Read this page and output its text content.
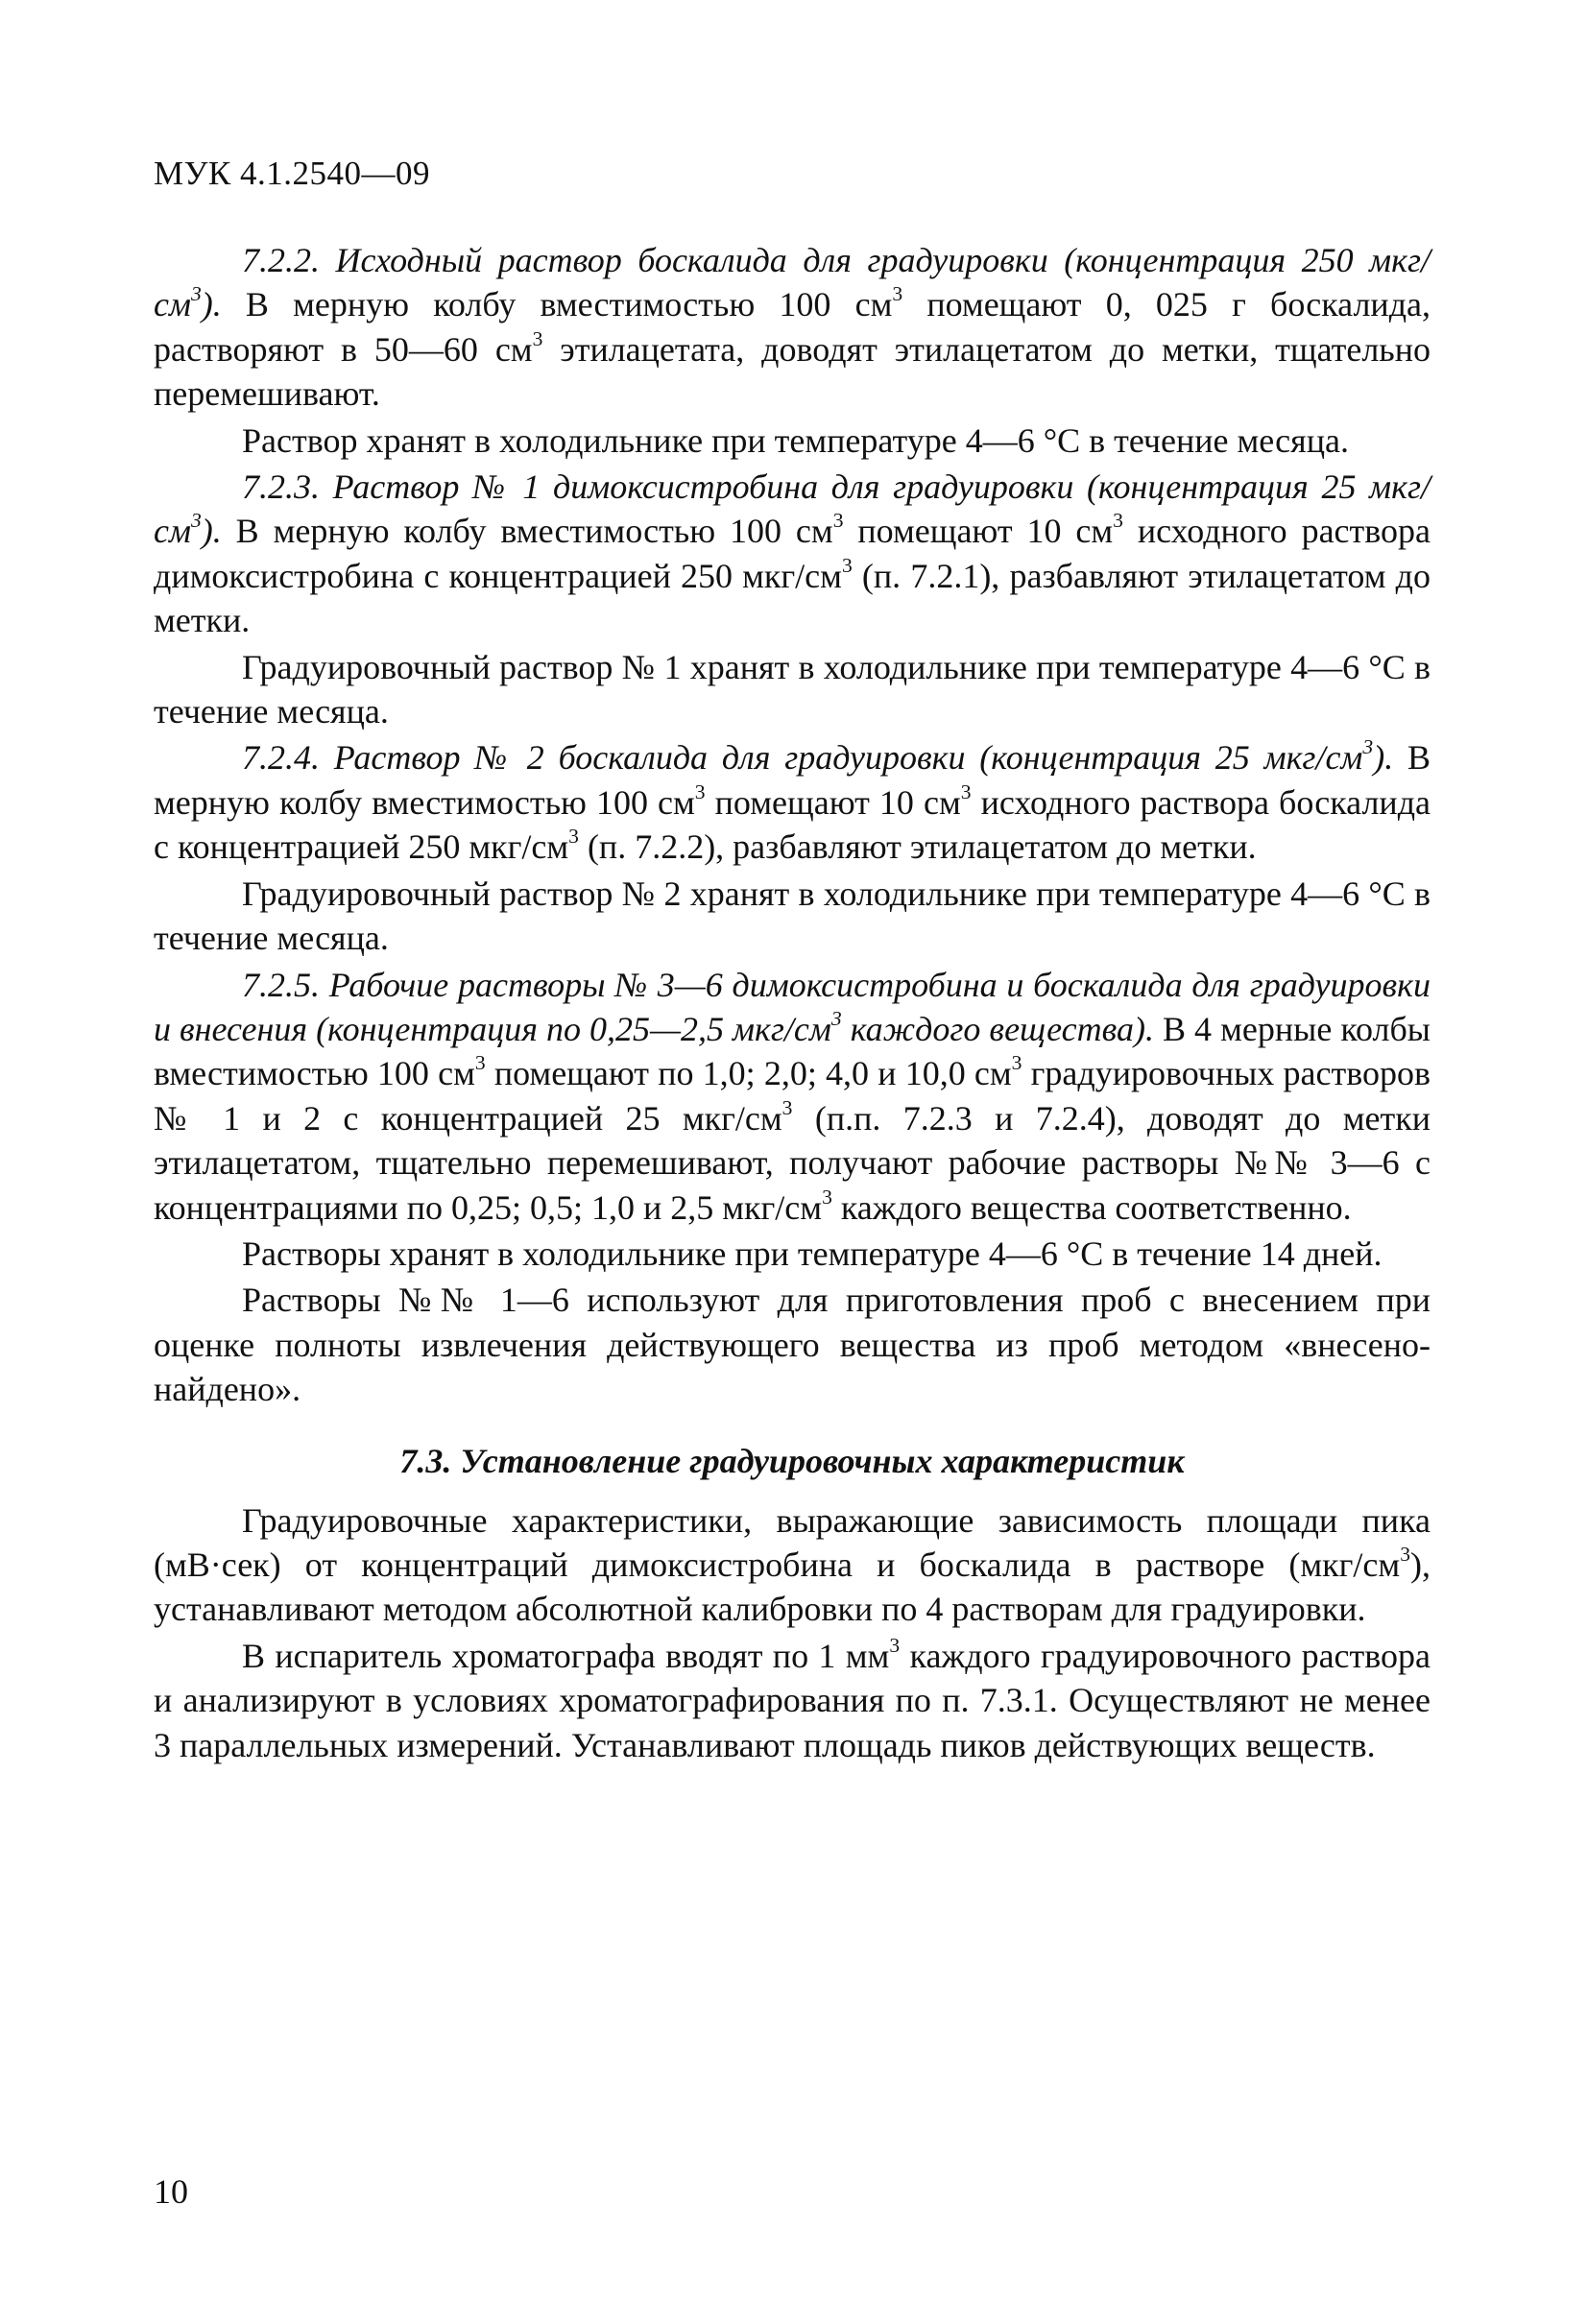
МУК 4.1.2540—09

7.2.2. Исходный раствор боскалида для градуировки (концентрация 250 мкг/$см^3$). В мерную колбу вместимостью 100 $см^3$ помещают 0, 025 г боскалида, растворяют в 50—60 $см^3$ этилацетата, доводят этилацетатом до метки, тщательно перемешивают.

Раствор хранят в холодильнике при температуре 4—6 °С в течение месяца.

7.2.3. Раствор № 1 димоксистробина для градуировки (концентрация 25 мкг/$см^3$). В мерную колбу вместимостью 100 $см^3$ помещают 10 $см^3$ исходного раствора димоксистробина с концентрацией 250 мкг/$см^3$ (п. 7.2.1), разбавляют этилацетатом до метки.

Градуировочный раствор № 1 хранят в холодильнике при температуре 4—6 °С в течение месяца.

7.2.4. Раствор № 2 боскалида для градуировки (концентрация 25 мкг/$см^3$). В мерную колбу вместимостью 100 $см^3$ помещают 10 $см^3$ исходного раствора боскалида с концентрацией 250 мкг/$см^3$ (п. 7.2.2), разбавляют этилацетатом до метки.

Градуировочный раствор № 2 хранят в холодильнике при температуре 4—6 °С в течение месяца.

7.2.5. Рабочие растворы № 3—6 димоксистробина и боскалида для градуировки и внесения (концентрация по 0,25—2,5 мкг/$см^3$ каждого вещества). В 4 мерные колбы вместимостью 100 $см^3$ помещают по 1,0; 2,0; 4,0 и 10,0 $см^3$ градуировочных растворов № 1 и 2 с концентрацией 25 мкг/$см^3$ (п.п. 7.2.3 и 7.2.4), доводят до метки этилацетатом, тщательно перемешивают, получают рабочие растворы №№ 3—6 с концентрациями по 0,25; 0,5; 1,0 и 2,5 мкг/$см^3$ каждого вещества соответственно.

Растворы хранят в холодильнике при температуре 4—6 °С в течение 14 дней.

Растворы №№ 1—6 используют для приготовления проб с внесением при оценке полноты извлечения действующего вещества из проб методом «внесено-найдено».

7.3. Установление градуировочных характеристик

Градуировочные характеристики, выражающие зависимость площади пика (мВ·сек) от концентраций димоксистробина и боскалида в растворе $(мкг/см^3)$, устанавливают методом абсолютной калибровки по 4 растворам для градуировки.

В испаритель хроматографа вводят по 1 $мм^3$ каждого градуировочного раствора и анализируют в условиях хроматографирования по п. 7.3.1. Осуществляют не менее 3 параллельных измерений. Устанавливают площадь пиков действующих веществ.

10
